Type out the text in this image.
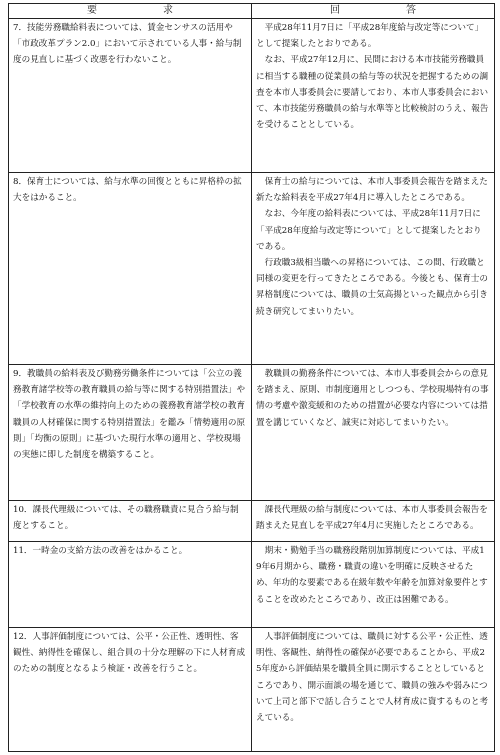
要　求	回　答

7．技能労務職給料表については、賃金センサスの活用や「市政改革プラン2.0」において示されている人事・給与制度の見直しに基づく改悪を行わないこと。	平成28年11月7日に「平成28年度給与改定等について」として提案したとおりである。

なお、平成27年12月に、民間における本市技能労務職員に相当する職種の従業員の給与等の状況を把握するための調査を本市人事委員会に要請しており、本市人事委員会において、本市技能労務職員の給与水準等と比較検討のうえ、報告を受けることとしている。

8．保育士については、給与水準の回復とともに昇格枠の拡大をはかること。	保育士の給与については、本市人事委員会報告を踏まえた新たな給料表を平成27年4月に導入したところである。

なお、今年度の給料表については、平成28年11月7日に「平成28年度給与改定等について」として提案したとおりである。

行政職3級相当職への昇格については、この間、行政職と同様の変更を行ってきたところである。今後とも、保育士の昇格制度については、職員の士気高揚といった観点から引き続き研究してまいりたい。

9．教職員の給料表及び勤務労働条件については「公立の義務教育諸学校等の教育職員の給与等に関する特別措置法」や「学校教育の水準の維持向上のための義務教育諸学校の教育職員の人材確保に関する特別措置法」を鑑み「情勢適用の原則」「均衡の原則」に基づいた現行水準の適用と、学校現場の実態に即した制度を構築すること。	教職員の勤務条件については、本市人事委員会からの意見を踏まえ、原則、市制度適用としつつも、学校現場特有の事情の考慮や激変緩和のための措置が必要な内容については措置を講じていくなど、誠実に対応してまいりたい。

10．課長代理級については、その職務職責に見合う給与制度とすること。	課長代理級の給与制度については、本市人事委員会報告を踏まえた見直しを平成27年4月に実施したところである。

11．一時金の支給方法の改善をはかること。	期末・勤勉手当の職務段階別加算制度については、平成19年6月期から、職務・職責の違いを明確に反映させるため、年功的な要素である在級年数や年齢を加算対象要件とすることを改めたところであり、改正は困難である。

12．人事評価制度については、公平・公正性、透明性、客観性、納得性を確保し、組合員の十分な理解の下に人材育成のための制度となるよう検証・改善を行うこと。	人事評価制度については、職員に対する公平・公正性、透明性、客観性、納得性の確保が必要であることから、平成25年度から評価結果を職員全員に開示することとしているところであり、開示面談の場を通じて、職員の強みや弱みについて上司と部下で話し合うことで人材育成に資するものと考えている。
